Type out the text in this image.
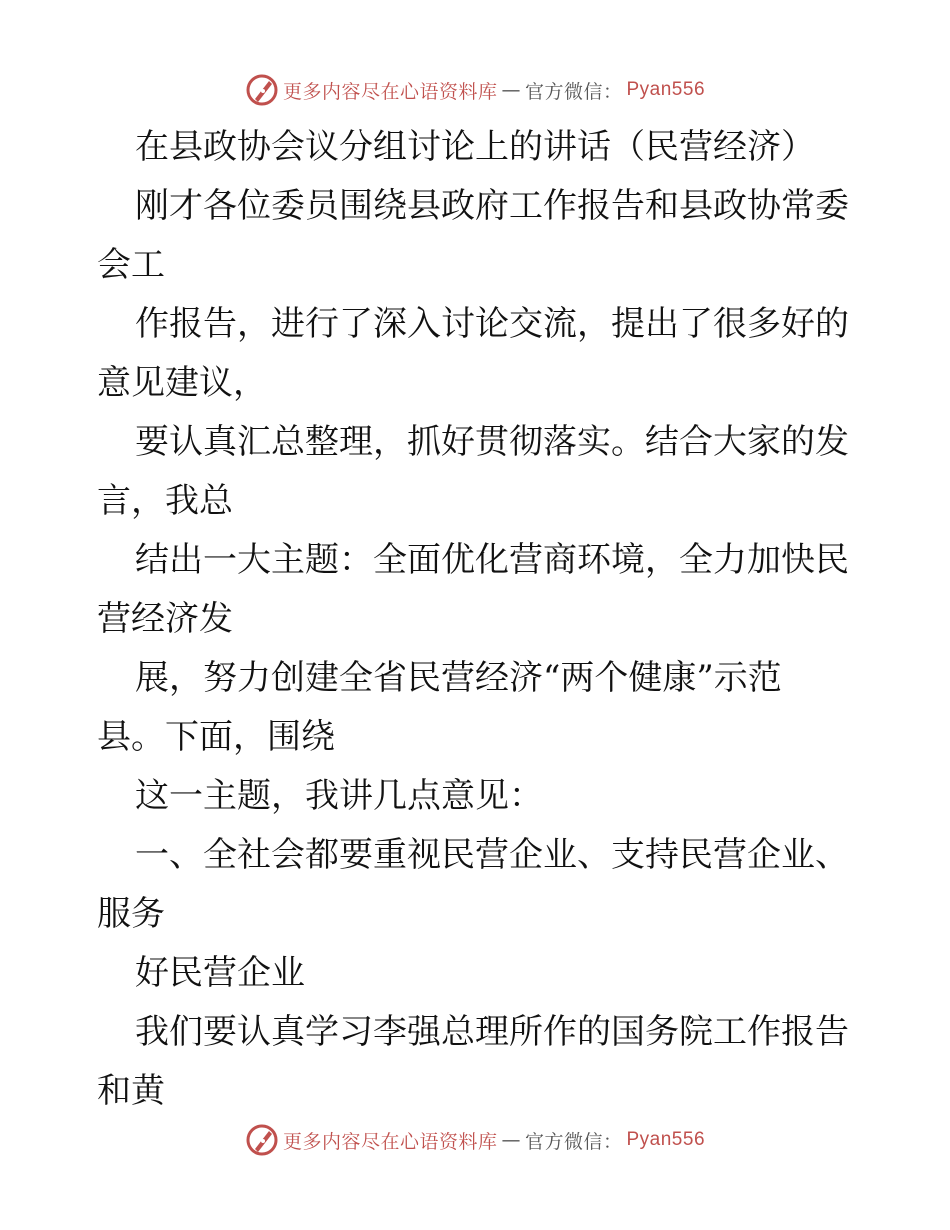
更多内容尽在心语资料库 — 官方微信： Pyan556
在县政协会议分组讨论上的讲话（民营经济）
刚才各位委员围绕县政府工作报告和县政协常委
会工
作报告，进行了深入讨论交流，提出了很多好的
意见建议，
要认真汇总整理，抓好贯彻落实。结合大家的发
言，我总
结出一大主题：全面优化营商环境，全力加快民
营经济发
展，努力创建全省民营经济“两个健康”示范
县。下面，围绕
这一主题，我讲几点意见：
一、全社会都要重视民营企业、支持民营企业、
服务
好民营企业
我们要认真学习李强总理所作的国务院工作报告
和黄
更多内容尽在心语资料库 — 官方微信： Pyan556
